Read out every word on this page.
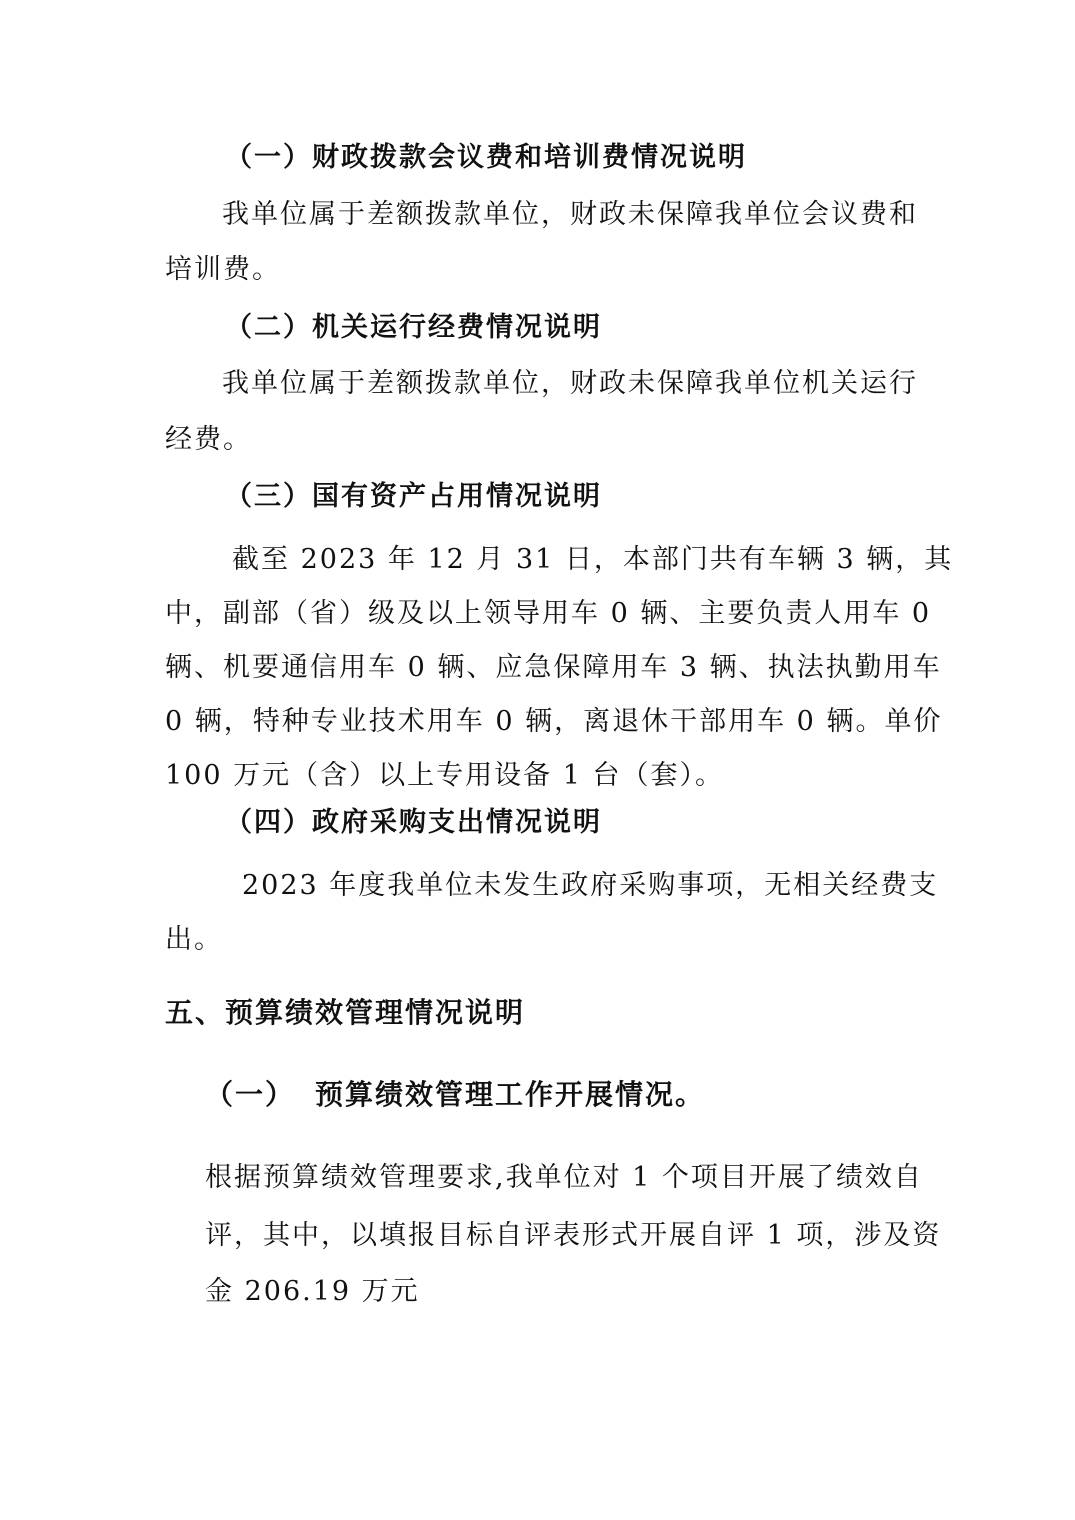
（一）财政拨款会议费和培训费情况说明
我单位属于差额拨款单位，财政未保障我单位会议费和
培训费。
（二）机关运行经费情况说明
我单位属于差额拨款单位，财政未保障我单位机关运行
经费。
（三）国有资产占用情况说明
截至 2023 年 12 月 31 日，本部门共有车辆 3 辆，其
中，副部（省）级及以上领导用车 0 辆、主要负责人用车 0
辆、机要通信用车 0 辆、应急保障用车 3 辆、执法执勤用车
0 辆，特种专业技术用车 0 辆，离退休干部用车 0 辆。单价
100 万元（含）以上专用设备 1 台（套）。
（四）政府采购支出情况说明
2023 年度我单位未发生政府采购事项，无相关经费支
出。
五、预算绩效管理情况说明
（一） 预算绩效管理工作开展情况。
根据预算绩效管理要求,我单位对 1 个项目开展了绩效自
评，其中，以填报目标自评表形式开展自评 1 项，涉及资
金 206.19 万元
